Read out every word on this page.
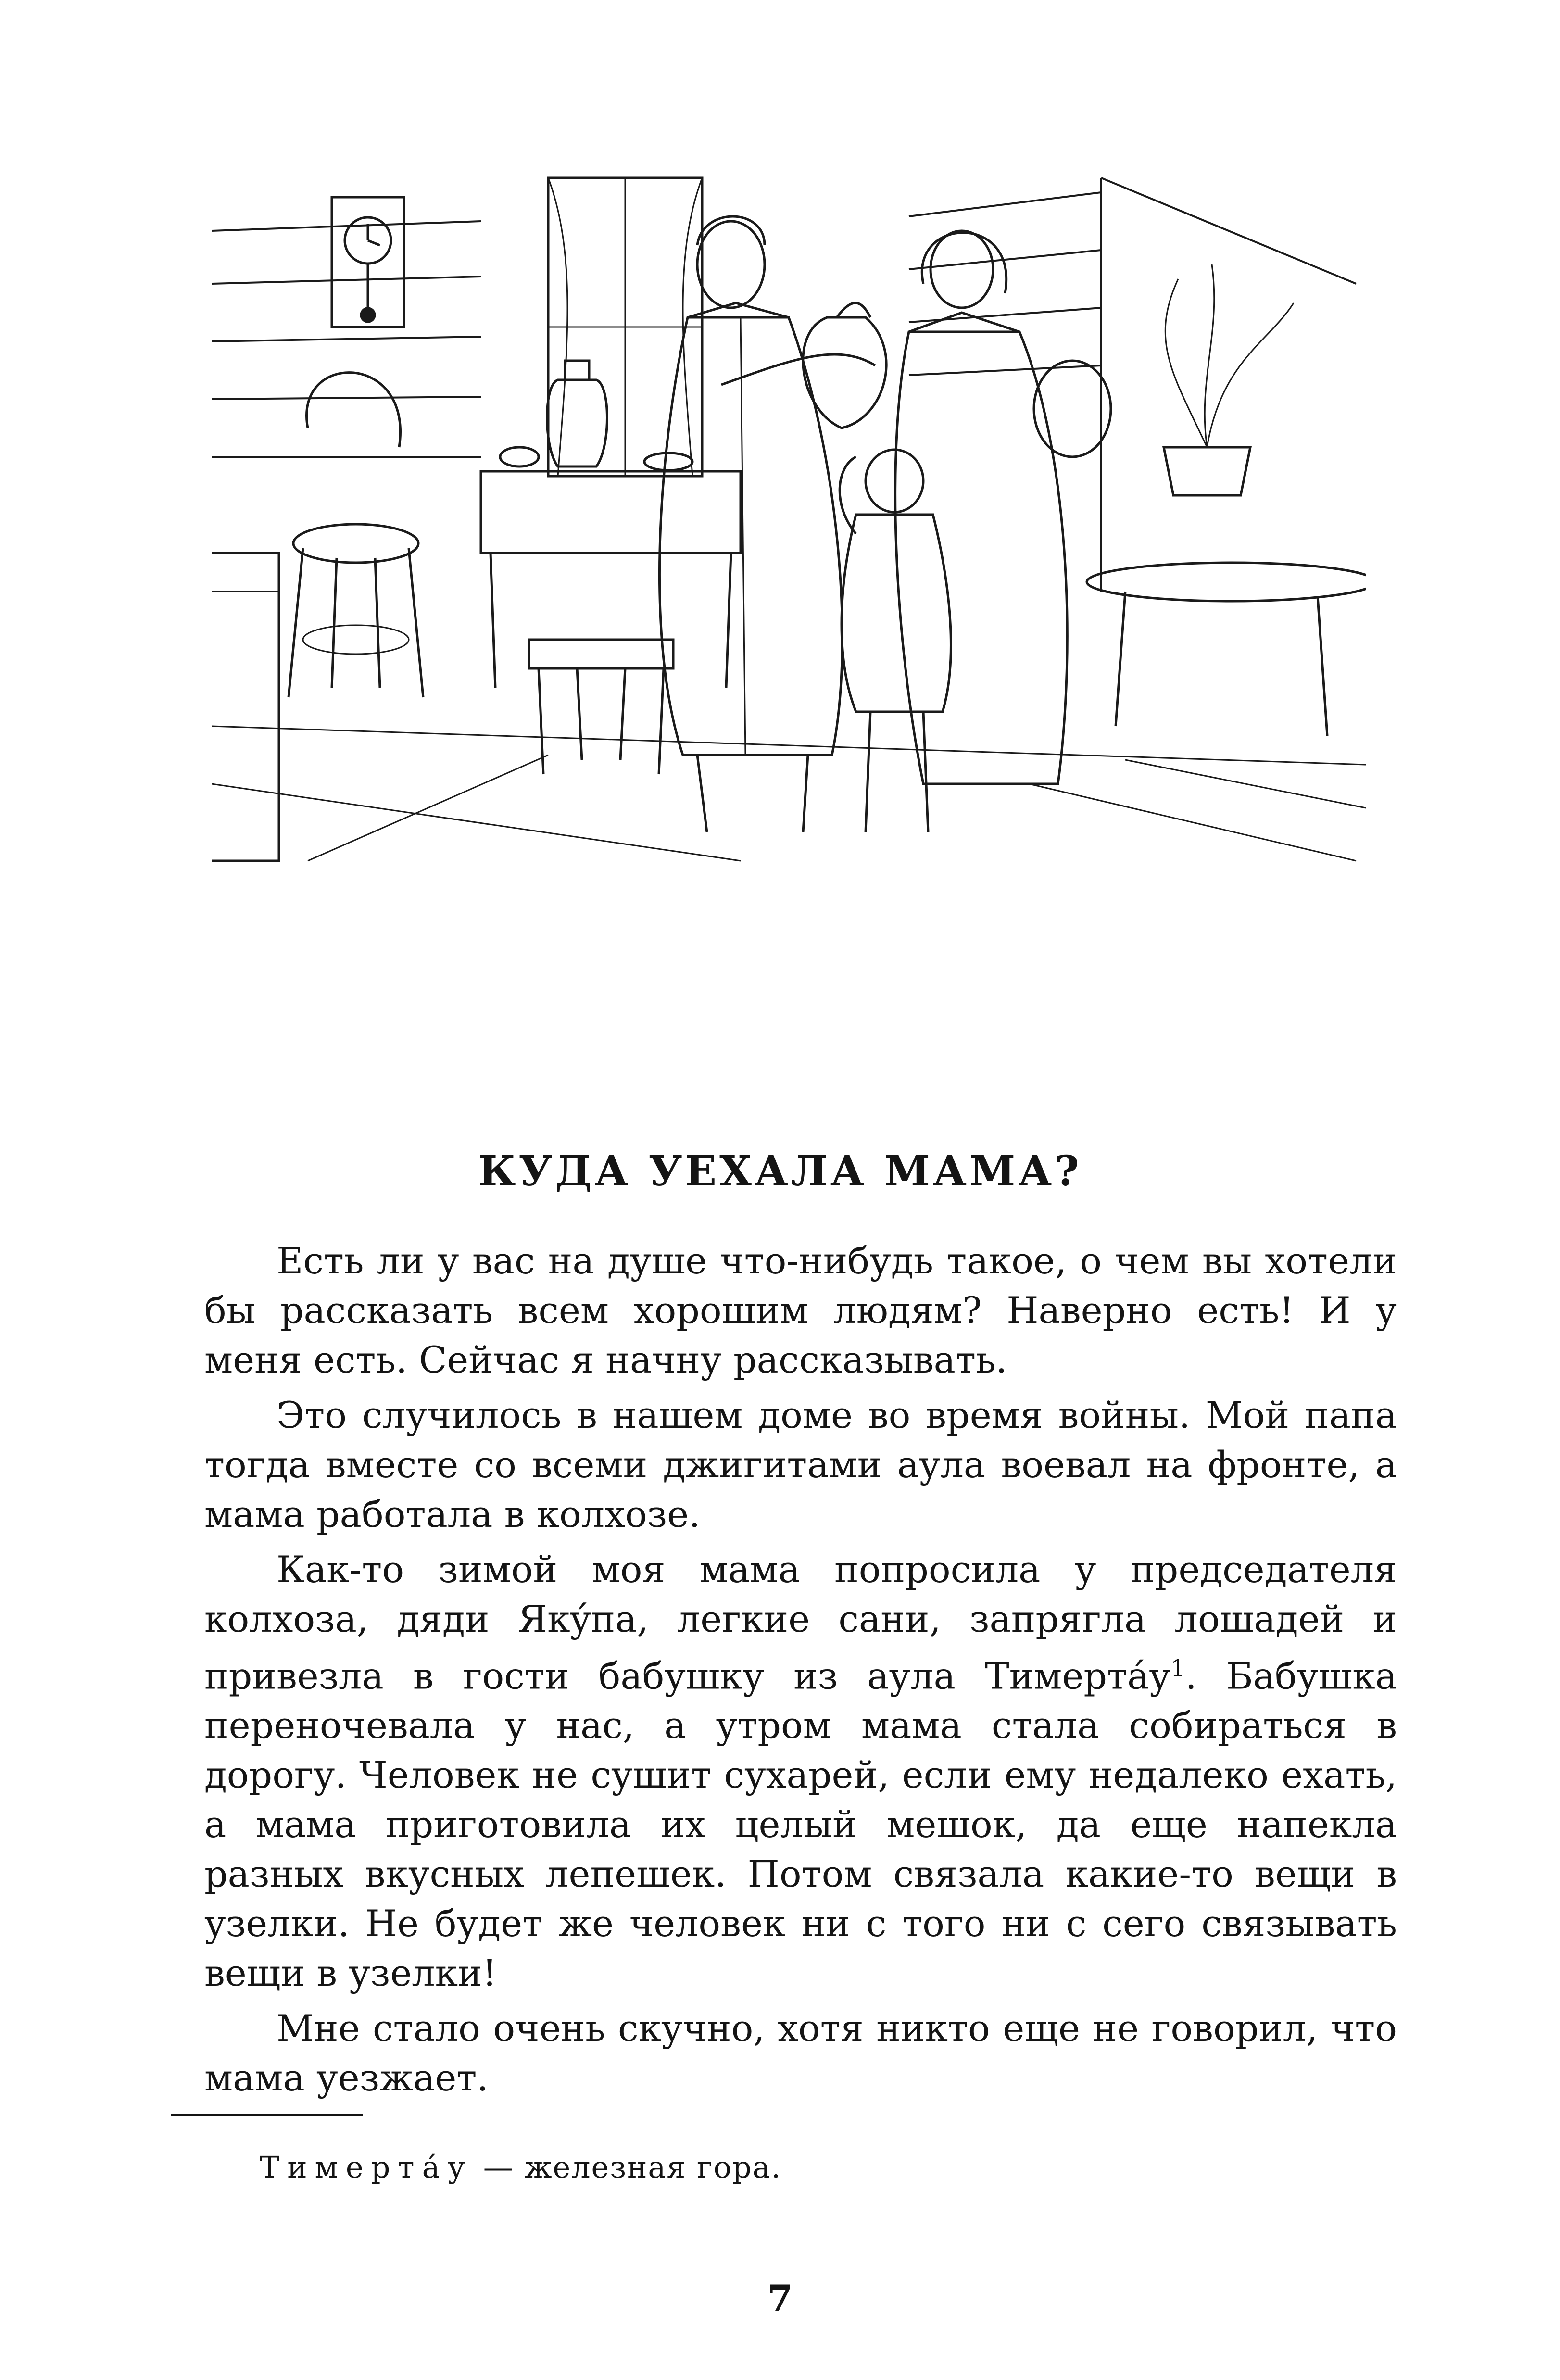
КУДА УЕХАЛА МАМА?

Есть ли у вас на душе что-нибудь такое, о чем вы хотели бы рассказать всем хорошим людям? Наверно есть! И у меня есть. Сейчас я начну рассказывать.

Это случилось в нашем доме во время войны. Мой папа тогда вместе со всеми джигитами аула воевал на фронте, а мама работала в колхозе.

Как-то зимой моя мама попросила у председателя колхоза, дяди Якýпа, легкие сани, запрягла лошадей и привезла в гости бабушку из аула Тимертáу$^1$. Бабушка переночевала у нас, а утром мама стала собираться в дорогу. Человек не сушит сухарей, если ему недалеко ехать, а мама приготовила их целый мешок, да еще напекла разных вкусных лепешек. Потом связала какие-то вещи в узелки. Не будет же человек ни с того ни с сего связывать вещи в узелки!

Мне стало очень скучно, хотя никто еще не говорил, что мама уезжает.

Тимертáу — железная гора.
7
